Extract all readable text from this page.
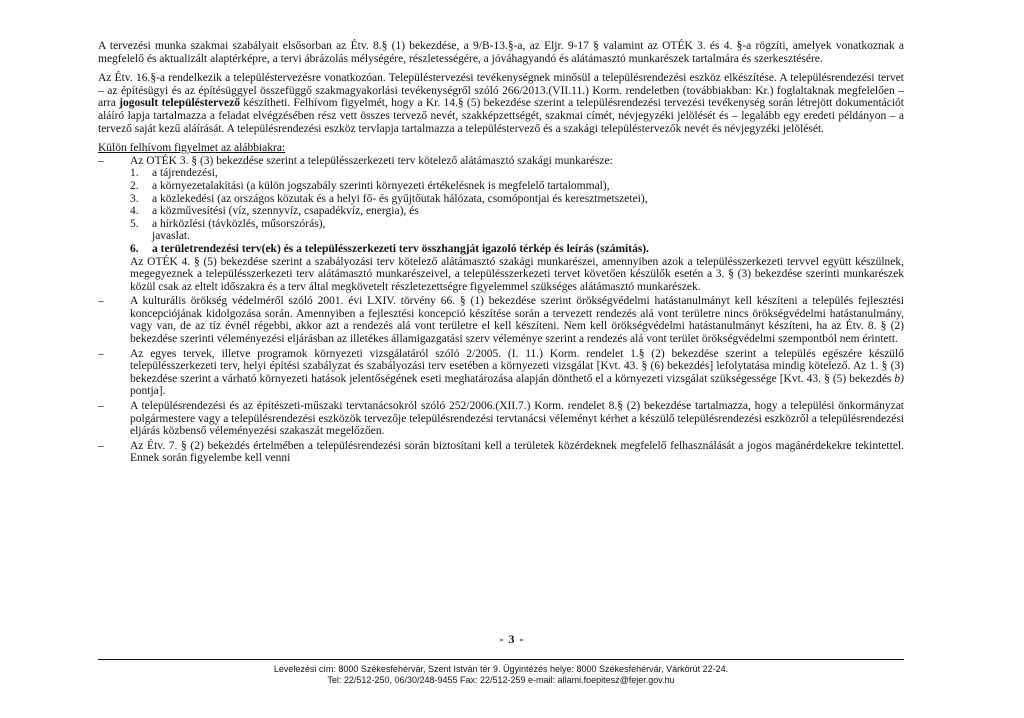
A tervezési munka szakmai szabályait elsősorban az Étv. 8.§ (1) bekezdése, a 9/B-13.§-a, az Eljr. 9-17 § valamint az OTÉK 3. és 4. §-a rögzíti, amelyek vonatkoznak a megfelelő és aktualizált alaptérképre, a tervi ábrázolás mélységére, részletességére, a jóváhagyandó és alátámasztó munkarészek tartalmára és szerkesztésére.

Az Étv. 16.§-a rendelkezik a településtervezésre vonatkozóan. Településtervezési tevékenységnek minősül a településrendezési eszköz elkészítése. A településrendezési tervet – az építésügyi és az építésüggyel összefüggő szakmagyakorlási tevékenységről szóló 266/2013.(VII.11.) Korm. rendeletben (továbbiakban: Kr.) foglaltaknak megfelelően – arra jogosult településtervező készítheti. Felhívom figyelmét, hogy a Kr. 14.§ (5) bekezdése szerint a településrendezési tervezési tevékenység során létrejött dokumentációt aláíró lapja tartalmazza a feladat elvégzésében rész vett összes tervező nevét, szakképzettségét, szakmai címét, névjegyzéki jelölését és – legalább egy eredeti példányon – a tervező saját kezű aláírását. A településrendezési eszköz tervlapja tartalmazza a településtervező és a szakági településtervezők nevét és névjegyzéki jelölését.

Külön felhívom figyelmet az alábbiakra:
–	Az OTÉK 3. § (3) bekezdése szerint a településszerkezeti terv kötelező alátámasztó szakági munkarésze:
1.	a tájrendezési,
2.	a környezetalakítási (a külön jogszabály szerinti környezeti értékelésnek is megfelelő tartalommal),
3.	a közlekedési (az országos közutak és a helyi fő- és gyűjtőutak hálózata, csomópontjai és keresztmetszetei),
4.	a közművesítési (víz, szennyvíz, csapadékvíz, energia), és
5.	a hírközlési (távközlés, műsorszórás),
javaslat.
6.	a területrendezési terv(ek) és a településszerkezeti terv összhangját igazoló térkép és leírás (számítás).

Az OTÉK 4. § (5) bekezdése szerint a szabályozási terv kötelező alátámasztó szakági munkarészei, amennyiben azok a településszerkezeti tervvel együtt készülnek, megegyeznek a településszerkezeti terv alátámasztó munkarészeivel, a településszerkezeti tervet követően készülők esetén a 3. § (3) bekezdése szerinti munkarészek közül csak az eltelt időszakra és a terv által megkövetelt részletezettségre figyelemmel szükséges alátámasztó munkarészek.

–	A kulturális örökség védelméről szóló 2001. évi LXIV. törvény 66. § (1) bekezdése szerint örökségvédelmi hatástanulmányt kell készíteni a település fejlesztési koncepciójának kidolgozása során. Amennyiben a fejlesztési koncepció készítése során a tervezett rendezés alá vont területre nincs örökségvédelmi hatástanulmány, vagy van, de az tíz évnél régebbi, akkor azt a rendezés alá vont területre el kell készíteni. Nem kell örökségvédelmi hatástanulmányt készíteni, ha az Étv. 8. § (2) bekezdése szerinti véleményezési eljárásban az illetékes államigazgatási szerv véleménye szerint a rendezés alá vont terület örökségvédelmi szempontból nem érintett.
–	Az egyes tervek, illetve programok környezeti vizsgálatáról szóló 2/2005. (I. 11.) Korm. rendelet 1.§ (2) bekezdése szerint a település egészére készülő településszerkezeti terv, helyi építési szabályzat és szabályozási terv esetében a környezeti vizsgálat [Kvt. 43. § (6) bekezdés] lefolytatása mindig kötelező. Az 1. § (3) bekezdése szerint a várható környezeti hatások jelentőségének eseti meghatározása alapján dönthető el a környezeti vizsgálat szükségessége [Kvt. 43. § (5) bekezdés b) pontja].
–	A településrendezési és az építészeti-műszaki tervtanácsokról szóló 252/2006.(XII.7.) Korm. rendelet 8.§ (2) bekezdése tartalmazza, hogy a települési önkormányzat polgármestere vagy a településrendezési eszközök tervezője településrendezési tervtanácsi véleményt kérhet a készülő településrendezési eszközről a településrendezési eljárás közbenső véleményezési szakaszát megelőzően.
–	Az Étv. 7. § (2) bekezdés értelmében a településrendezési során biztosítani kell a területek közérdeknek megfelelő felhasználását a jogos magánérdekekre tekintettel. Ennek során figyelembe kell venni
- 3 -
Levelezési cím: 8000 Székesfehérvár, Szent István tér 9. Ügyintézés helye: 8000 Székesfehérvár, Várkörút 22-24.
Tel: 22/512-250, 06/30/248-9455 Fax: 22/512-259 e-mail: allami.foepitesz@fejer.gov.hu
